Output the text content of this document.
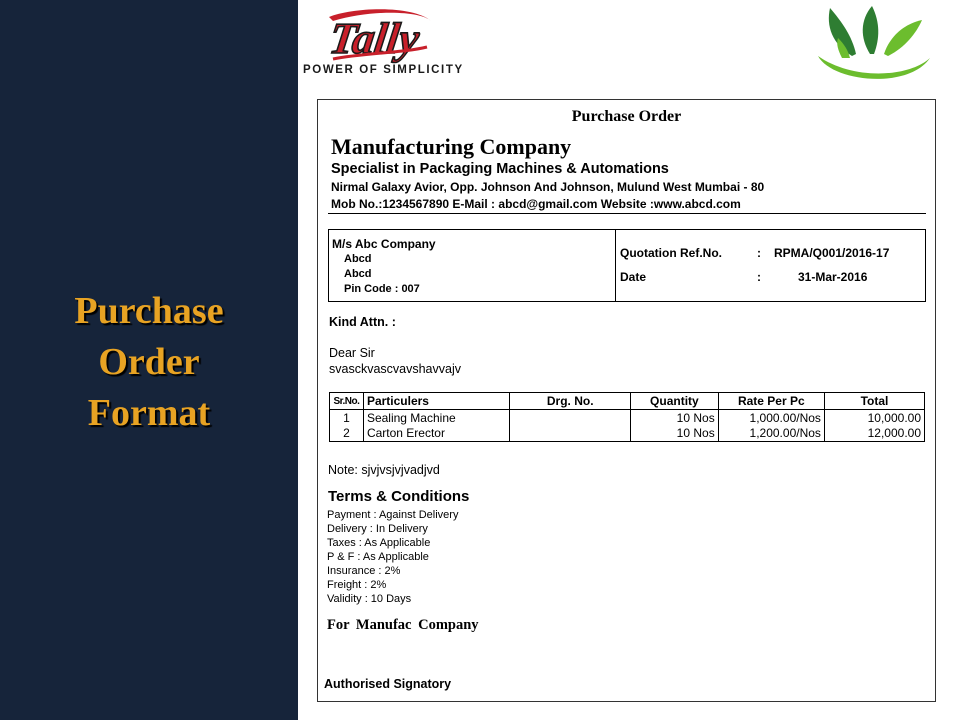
Purchase
Order
Format
Tally
POWER OF SIMPLICITY
Purchase Order
Manufacturing Company
Specialist in Packaging Machines & Automations
Nirmal Galaxy Avior, Opp. Johnson And Johnson, Mulund West Mumbai - 80
Mob No.:1234567890 E-Mail : abcd@gmail.com Website :www.abcd.com
M/s Abc Company
Abcd
Abcd
Pin Code : 007
Quotation Ref.No.	: RPMA/Q001/2016-17
Date	:	31-Mar-2016
Kind Attn. :
Dear Sir
svasckvascvavshavvajv
Sr.No.	Particulers	Drg. No.	Quantity	Rate Per Pc	Total
1	Sealing Machine		10 Nos	1,000.00/Nos	10,000.00
2	Carton Erector		10 Nos	1,200.00/Nos	12,000.00
Note: sjvjvsjvjvadjvd
Terms & Conditions
Payment : Against Delivery
Delivery : In Delivery
Taxes : As Applicable
P & F : As Applicable
Insurance : 2%
Freight : 2%
Validity : 10 Days
For Manufac Company
Authorised Signatory
